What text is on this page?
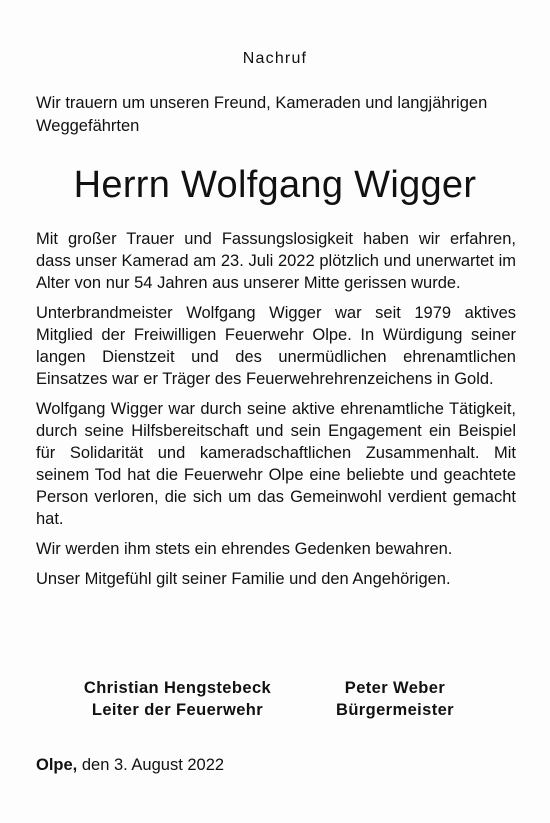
Nachruf
Wir trauern um unseren Freund, Kameraden und langjährigen Weggefährten
Herrn Wolfgang Wigger

Mit großer Trauer und Fassungslosigkeit haben wir erfahren, dass unser Kamerad am 23. Juli 2022 plötzlich und unerwartet im Alter von nur 54 Jahren aus unserer Mitte gerissen wurde.

Unterbrandmeister Wolfgang Wigger war seit 1979 aktives Mitglied der Freiwilligen Feuerwehr Olpe. In Würdigung seiner langen Dienstzeit und des unermüdlichen ehrenamtlichen Einsatzes war er Träger des Feuerwehrehrenzeichens in Gold.

Wolfgang Wigger war durch seine aktive ehrenamtliche Tätigkeit, durch seine Hilfsbereitschaft und sein Engagement ein Beispiel für Solidarität und kameradschaftlichen Zusammenhalt. Mit seinem Tod hat die Feuerwehr Olpe eine beliebte und geachtete Person verloren, die sich um das Gemeinwohl verdient gemacht hat.

Wir werden ihm stets ein ehrendes Gedenken bewahren.

Unser Mitgefühl gilt seiner Familie und den Angehörigen.

Christian Hengstebeck
Leiter der Feuerwehr
Peter Weber
Bürgermeister
Olpe, den 3. August 2022
